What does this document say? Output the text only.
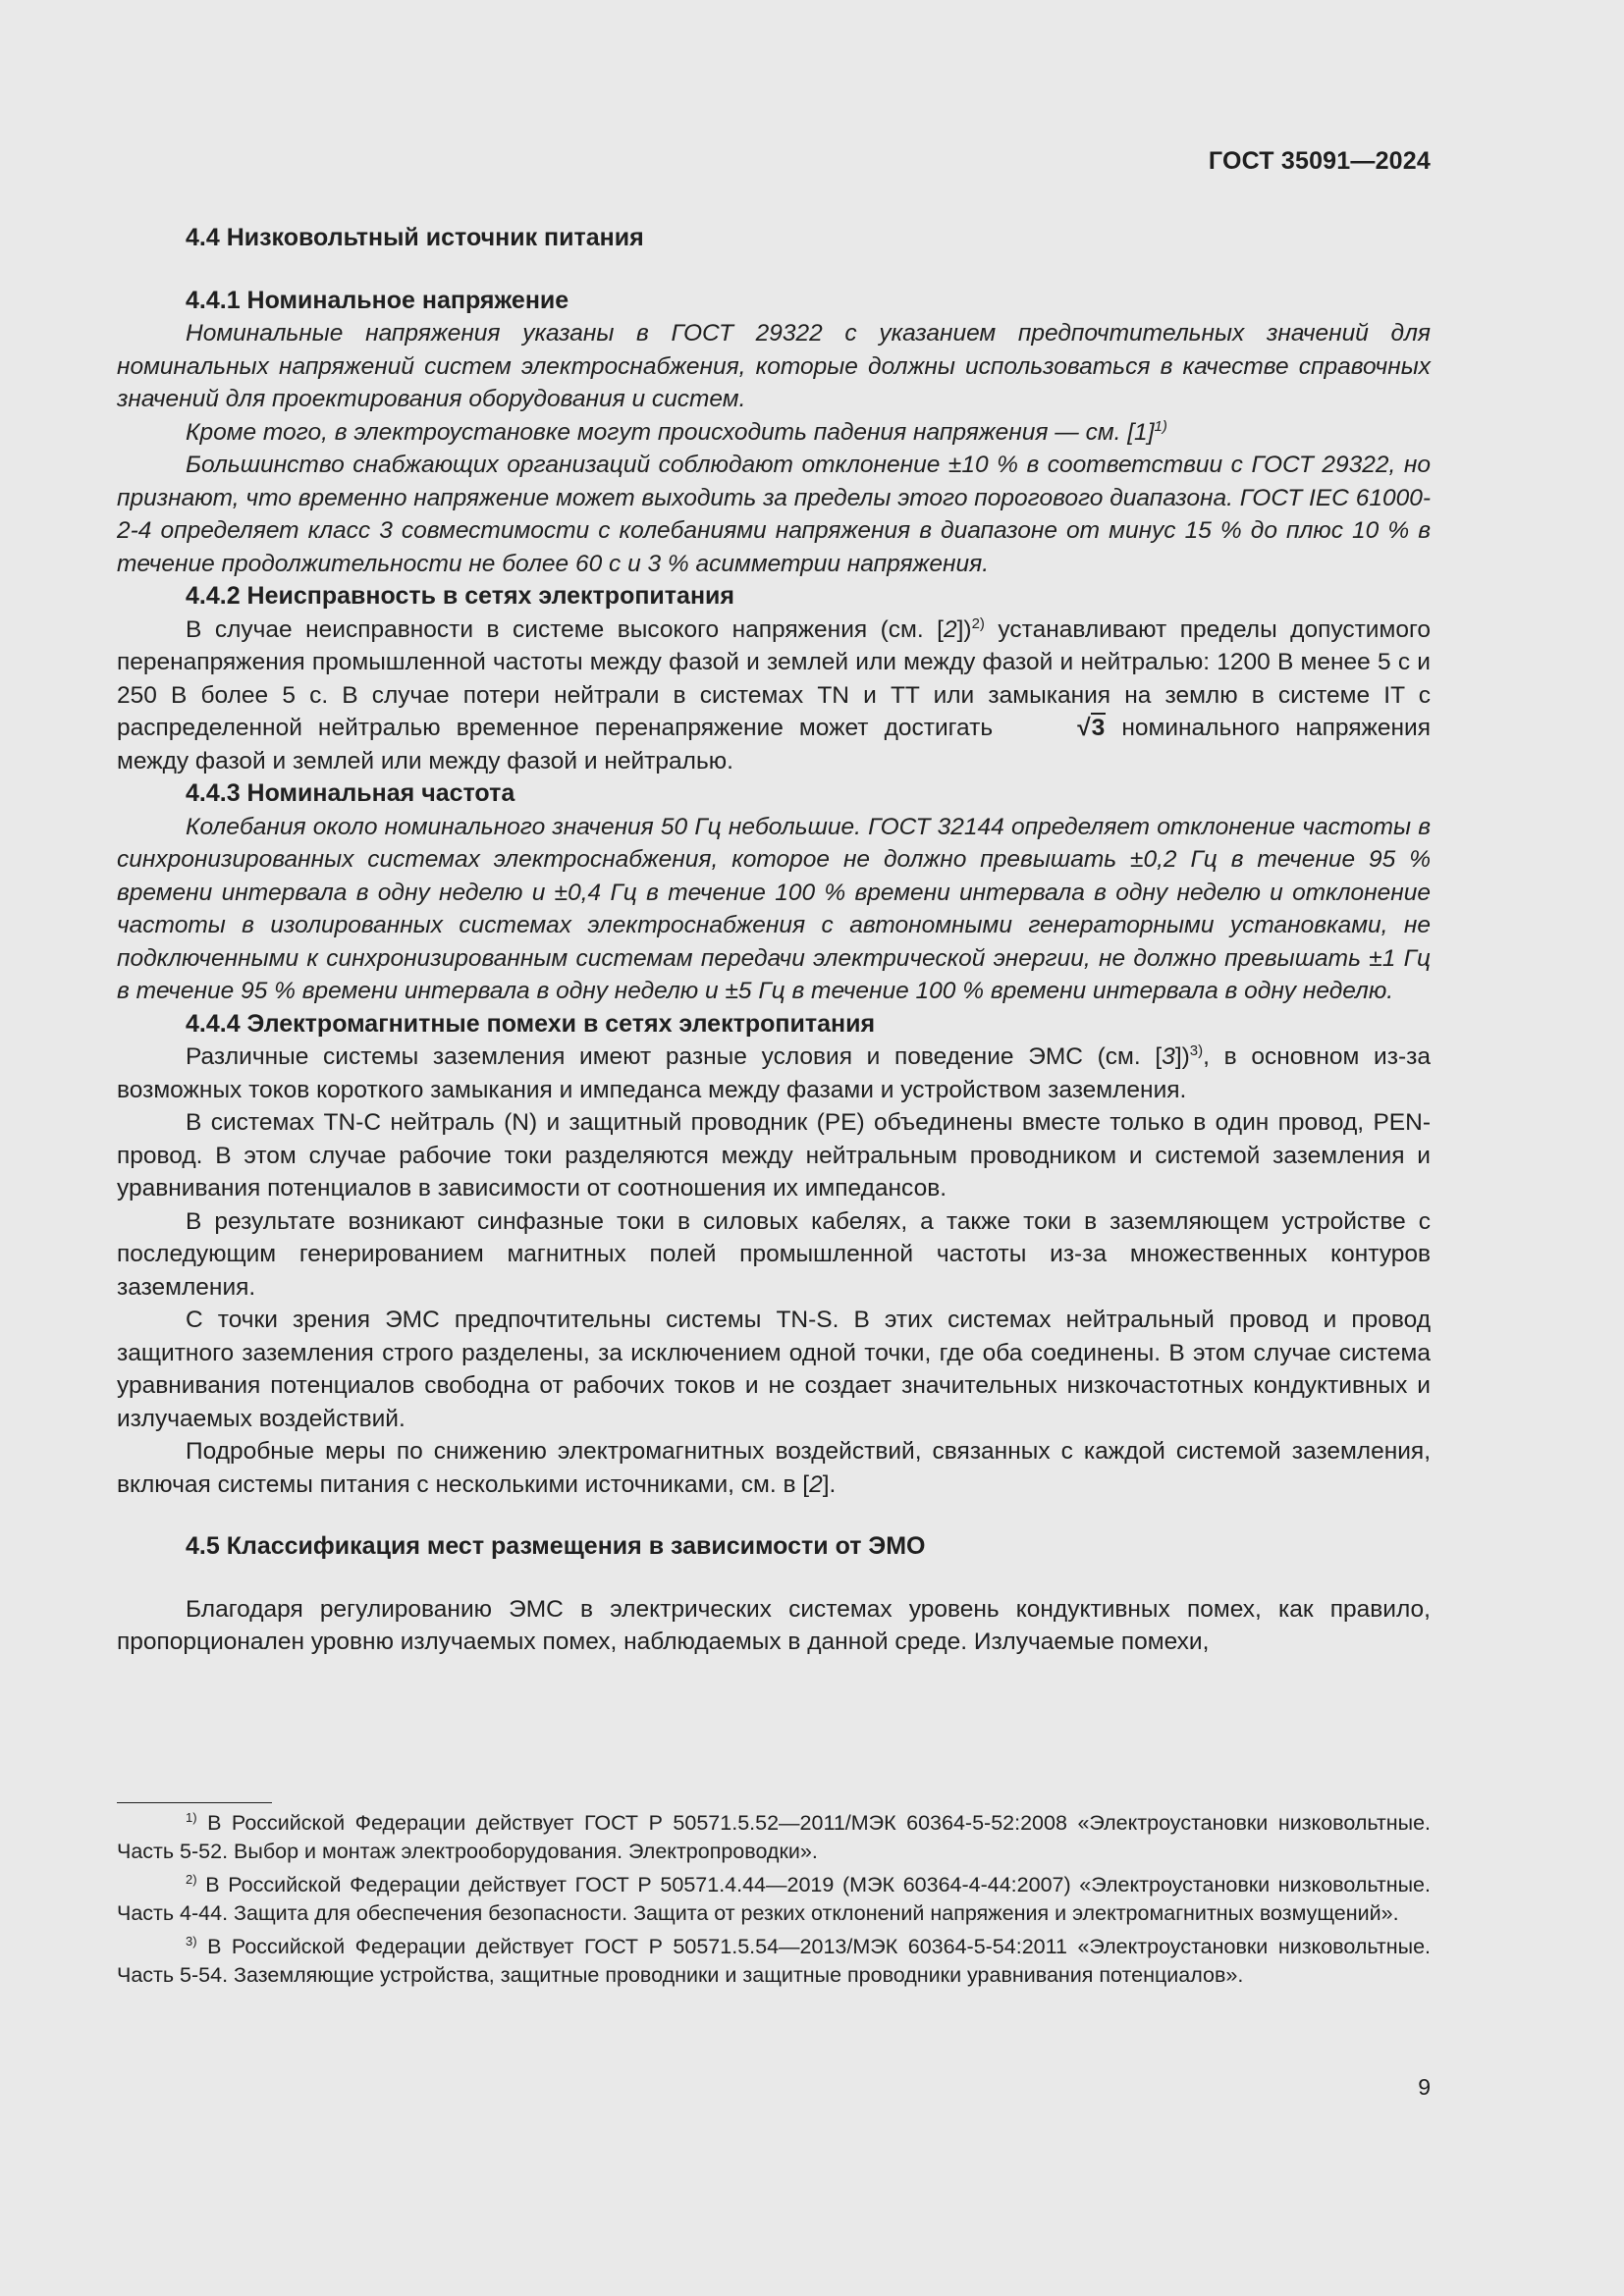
ГОСТ 35091—2024

4.4 Низковольтный источник питания

4.4.1 Номинальное напряжение

Номинальные напряжения указаны в ГОСТ 29322 с указанием предпочтительных значений для номинальных напряжений систем электроснабжения, которые должны использоваться в качестве справочных значений для проектирования оборудования и систем.

Кроме того, в электроустановке могут происходить падения напряжения — см. $[1]^{1)}$

Большинство снабжающих организаций соблюдают отклонение ±10 % в соответствии с ГОСТ 29322, но признают, что временно напряжение может выходить за пределы этого порогового диапазона. ГОСТ IEC 61000-2-4 определяет класс 3 совместимости с колебаниями напряжения в диапазоне от минус 15 % до плюс 10 % в течение продолжительности не более 60 с и 3 % асимметрии напряжения.

4.4.2 Неисправность в сетях электропитания

В случае неисправности в системе высокого напряжения (см. [2])$^{2)}$ устанавливают пределы допустимого перенапряжения промышленной частоты между фазой и землей или между фазой и нейтралью: 1200 В менее 5 с и 250 В более 5 с. В случае потери нейтрали в системах TN и TT или замыкания на землю в системе IT с распределенной нейтралью временное перенапряжение может достигать	√3 номинального напряжения между фазой и землей или между фазой и нейтралью.

4.4.3 Номинальная частота

Колебания около номинального значения 50 Гц небольшие. ГОСТ 32144 определяет отклонение частоты в синхронизированных системах электроснабжения, которое не должно превышать ±0,2 Гц в течение 95 % времени интервала в одну неделю и ±0,4 Гц в течение 100 % времени интервала в одну неделю и отклонение частоты в изолированных системах электроснабжения с автономными генераторными установками, не подключенными к синхронизированным системам передачи электрической энергии, не должно превышать ±1 Гц в течение 95 % времени интервала в одну неделю и ±5 Гц в течение 100 % времени интервала в одну неделю.

4.4.4 Электромагнитные помехи в сетях электропитания

Различные системы заземления имеют разные условия и поведение ЭМС (см. [3])$^{3)}$, в основном из-за возможных токов короткого замыкания и импеданса между фазами и устройством заземления.

В системах TN-C нейтраль (N) и защитный проводник (PE) объединены вместе только в один провод, PEN-провод. В этом случае рабочие токи разделяются между нейтральным проводником и системой заземления и уравнивания потенциалов в зависимости от соотношения их импедансов.

В результате возникают синфазные токи в силовых кабелях, а также токи в заземляющем устройстве с последующим генерированием магнитных полей промышленной частоты из-за множественных контуров заземления.

С точки зрения ЭМС предпочтительны системы TN-S. В этих системах нейтральный провод и провод защитного заземления строго разделены, за исключением одной точки, где оба соединены. В этом случае система уравнивания потенциалов свободна от рабочих токов и не создает значительных низкочастотных кондуктивных и излучаемых воздействий.

Подробные меры по снижению электромагнитных воздействий, связанных с каждой системой заземления, включая системы питания с несколькими источниками, см. в [2].

4.5 Классификация мест размещения в зависимости от ЭМО

Благодаря регулированию ЭМС в электрических системах уровень кондуктивных помех, как правило, пропорционален уровню излучаемых помех, наблюдаемых в данной среде. Излучаемые помехи,

$^{1)}$ В Российской Федерации действует ГОСТ Р 50571.5.52—2011/МЭК 60364-5-52:2008 «Электроустановки низковольтные. Часть 5-52. Выбор и монтаж электрооборудования. Электропроводки».

$^{2)}$ В Российской Федерации действует ГОСТ Р 50571.4.44—2019 (МЭК 60364-4-44:2007) «Электроустановки низковольтные. Часть 4-44. Защита для обеспечения безопасности. Защита от резких отклонений напряжения и электромагнитных возмущений».

$^{3)}$ В Российской Федерации действует ГОСТ Р 50571.5.54—2013/МЭК 60364-5-54:2011 «Электроустановки низковольтные. Часть 5-54. Заземляющие устройства, защитные проводники и защитные проводники уравнивания потенциалов».

9
